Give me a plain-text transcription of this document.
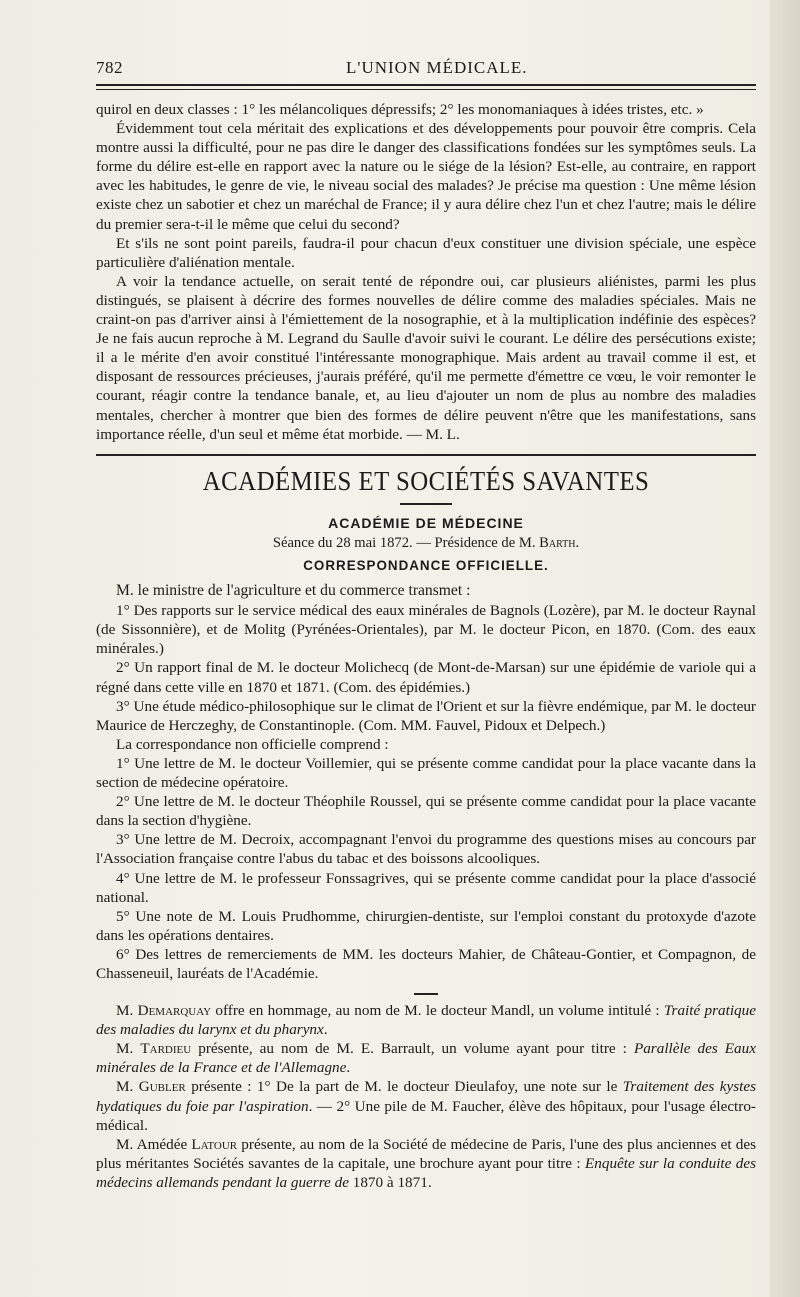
782	L'UNION MÉDICALE.

quirol en deux classes : 1° les mélancoliques dépressifs; 2° les monomaniaques à idées tristes, etc. »

Évidemment tout cela méritait des explications et des développements pour pouvoir être compris. Cela montre aussi la difficulté, pour ne pas dire le danger des classifications fondées sur les symptômes seuls. La forme du délire est-elle en rapport avec la nature ou le siége de la lésion? Est-elle, au contraire, en rapport avec les habitudes, le genre de vie, le niveau social des malades? Je précise ma question : Une même lésion existe chez un sabotier et chez un maréchal de France; il y aura délire chez l'un et chez l'autre; mais le délire du premier sera-t-il le même que celui du second?

Et s'ils ne sont point pareils, faudra-il pour chacun d'eux constituer une division spéciale, une espèce particulière d'aliénation mentale.

A voir la tendance actuelle, on serait tenté de répondre oui, car plusieurs aliénistes, parmi les plus distingués, se plaisent à décrire des formes nouvelles de délire comme des maladies spéciales. Mais ne craint-on pas d'arriver ainsi à l'émiettement de la nosographie, et à la multiplication indéfinie des espèces? Je ne fais aucun reproche à M. Legrand du Saulle d'avoir suivi le courant. Le délire des persécutions existe; il a le mérite d'en avoir constitué l'intéressante monographique. Mais ardent au travail comme il est, et disposant de ressources précieuses, j'aurais préféré, qu'il me permette d'émettre ce vœu, le voir remonter le courant, réagir contre la tendance banale, et, au lieu d'ajouter un nom de plus au nombre des maladies mentales, chercher à montrer que bien des formes de délire peuvent n'être que les manifestations, sans importance réelle, d'un seul et même état morbide. — M. L.

ACADÉMIES ET SOCIÉTÉS SAVANTES
ACADÉMIE DE MÉDECINE
Séance du 28 mai 1872. — Présidence de M. Barth.
CORRESPONDANCE OFFICIELLE.

M. le ministre de l'agriculture et du commerce transmet :

1° Des rapports sur le service médical des eaux minérales de Bagnols (Lozère), par M. le docteur Raynal (de Sissonnière), et de Molitg (Pyrénées-Orientales), par M. le docteur Picon, en 1870. (Com. des eaux minérales.)

2° Un rapport final de M. le docteur Molichecq (de Mont-de-Marsan) sur une épidémie de variole qui a régné dans cette ville en 1870 et 1871. (Com. des épidémies.)

3° Une étude médico-philosophique sur le climat de l'Orient et sur la fièvre endémique, par M. le docteur Maurice de Herczeghy, de Constantinople. (Com. MM. Fauvel, Pidoux et Delpech.)

La correspondance non officielle comprend :

1° Une lettre de M. le docteur Voillemier, qui se présente comme candidat pour la place vacante dans la section de médecine opératoire.

2° Une lettre de M. le docteur Théophile Roussel, qui se présente comme candidat pour la place vacante dans la section d'hygiène.

3° Une lettre de M. Decroix, accompagnant l'envoi du programme des questions mises au concours par l'Association française contre l'abus du tabac et des boissons alcooliques.

4° Une lettre de M. le professeur Fonssagrives, qui se présente comme candidat pour la place d'associé national.

5° Une note de M. Louis Prudhomme, chirurgien-dentiste, sur l'emploi constant du protoxyde d'azote dans les opérations dentaires.

6° Des lettres de remerciements de MM. les docteurs Mahier, de Château-Gontier, et Compagnon, de Chasseneuil, lauréats de l'Académie.

M. Demarquay offre en hommage, au nom de M. le docteur Mandl, un volume intitulé : Traité pratique des maladies du larynx et du pharynx.

M. Tardieu présente, au nom de M. E. Barrault, un volume ayant pour titre : Parallèle des Eaux minérales de la France et de l'Allemagne.

M. Gubler présente : 1° De la part de M. le docteur Dieulafoy, une note sur le Traitement des kystes hydatiques du foie par l'aspiration. — 2° Une pile de M. Faucher, élève des hôpitaux, pour l'usage électro-médical.

M. Amédée Latour présente, au nom de la Société de médecine de Paris, l'une des plus anciennes et des plus méritantes Sociétés savantes de la capitale, une brochure ayant pour titre : Enquête sur la conduite des médecins allemands pendant la guerre de 1870 à 1871.
